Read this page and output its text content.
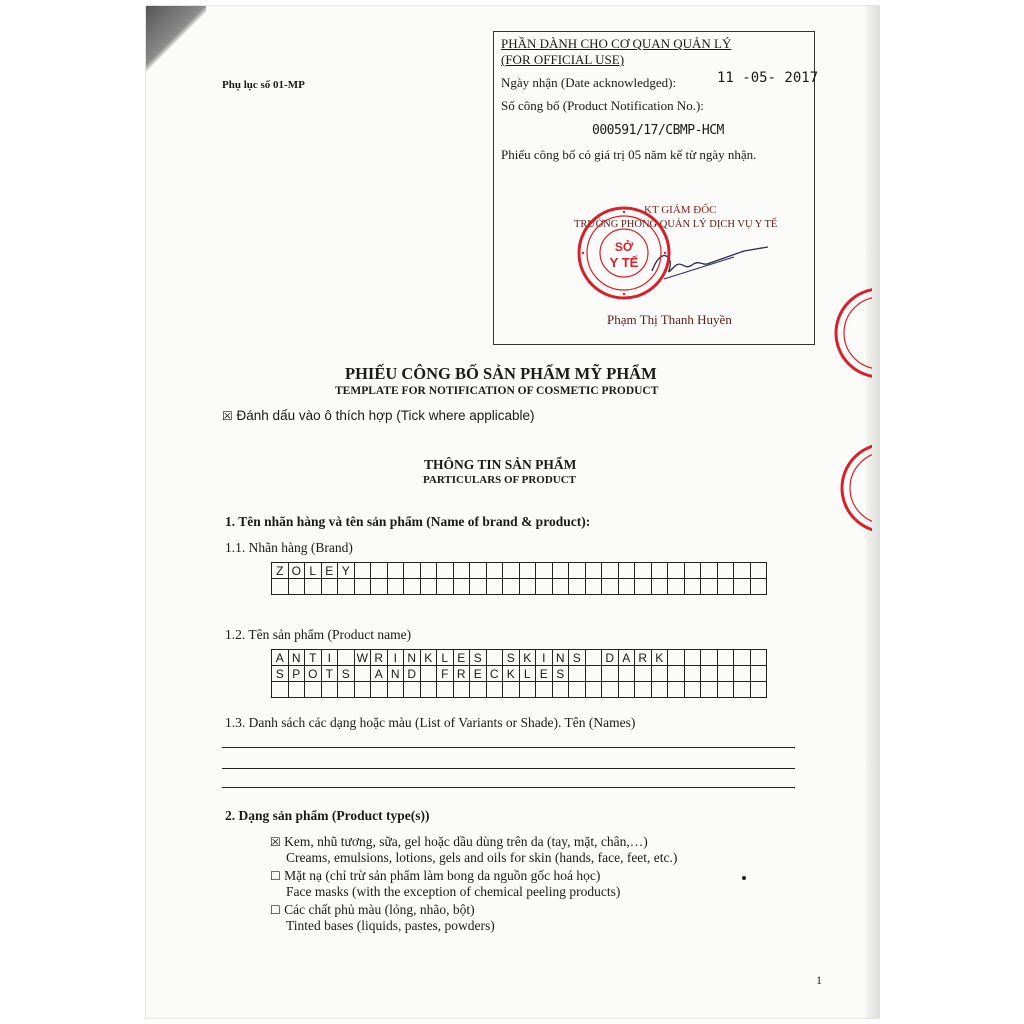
Phụ lục số 01-MP
PHẦN DÀNH CHO CƠ QUAN QUẢN LÝ
(FOR OFFICIAL USE)
Ngày nhận (Date acknowledged):	11 -05- 2017
Số công bố (Product Notification No.):
000591/17/CBMP-HCM
Phiếu công bố có giá trị 05 năm kể từ ngày nhận.
KT GIÁM ĐỐC
TRƯỞNG PHÒNG QUẢN LÝ DỊCH VỤ Y TẾ
Phạm Thị Thanh Huyền
SỞ
Y TẾ
PHIẾU CÔNG BỐ SẢN PHẨM MỸ PHẨM
TEMPLATE FOR NOTIFICATION OF COSMETIC PRODUCT
☒ Đánh dấu vào ô thích hợp (Tick where applicable)
THÔNG TIN SẢN PHẨM
PARTICULARS OF PRODUCT
1. Tên nhãn hàng và tên sản phẩm (Name of brand & product):
1.1. Nhãn hàng (Brand)
Z	O	L	E	Y																									

1.2. Tên sản phẩm (Product name)
A	N	T	I		W	R	I	N	K	L	E	S		S	K	I	N	S		D	A	R	K						
S	P	O	T	S		A	N	D		F	R	E	C	K	L	E	S												

1.3. Danh sách các dạng hoặc màu (List of Variants or Shade). Tên (Names)
2. Dạng sản phẩm (Product type(s))
☒ Kem, nhũ tương, sữa, gel hoặc dầu dùng trên da (tay, mặt, chân,…)
Creams, emulsions, lotions, gels and oils for skin (hands, face, feet, etc.)
☐ Mặt nạ (chỉ trừ sản phẩm làm bong da nguồn gốc hoá học)
Face masks (with the exception of chemical peeling products)
☐ Các chất phủ màu (lỏng, nhão, bột)
Tinted bases (liquids, pastes, powders)
1
